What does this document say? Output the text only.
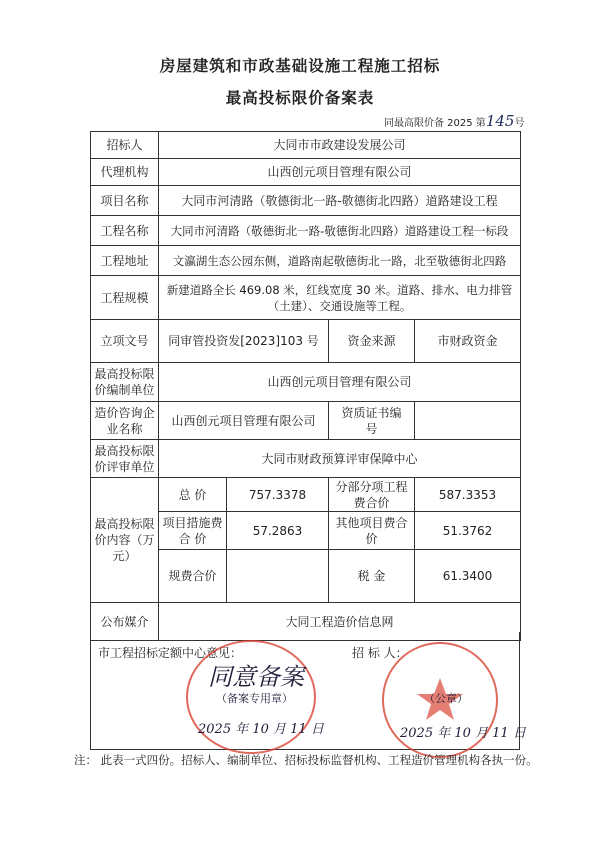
房屋建筑和市政基础设施工程施工招标
最高投标限价备案表
同最高限价备 2025 第145号
招标人	大同市市政建设发展公司			
代理机构	山西创元项目管理有限公司			
项目名称	大同市河清路（敬德街北一路-敬德街北四路）道路建设工程			
工程名称	大同市河清路（敬德街北一路-敬德街北四路）道路建设工程一标段			
工程地址	文瀛湖生态公园东侧，道路南起敬德街北一路，北至敬德街北四路			
工程规模	新建道路全长 469.08 米，红线宽度 30 米。道路、排水、电力排管（土建）、交通设施等工程。			
立项文号	同审管投资发[2023]103 号		资金来源	市财政资金
最高投标限价编制单位	山西创元项目管理有限公司			
造价咨询企业名称	山西创元项目管理有限公司		资质证书编　号	
最高投标限价评审单位	大同市财政预算评审保障中心			
最高投标限价内容（万元）	总 价	757.3378	分部分项工程费合价	587.3353
	项目措施费合 价	57.2863	其他项目费合价	51.3762
	规费合价		税 金	61.3400
公布媒介	大同工程造价信息网			
市工程招标定额中心意见：	招 标 人：
同意备案
（备案专用章）
2025 年 10 月 11 日
（公章）
2025 年 10 月 11 日
注： 此表一式四份。招标人、编制单位、招标投标监督机构、工程造价管理机构各执一份。
